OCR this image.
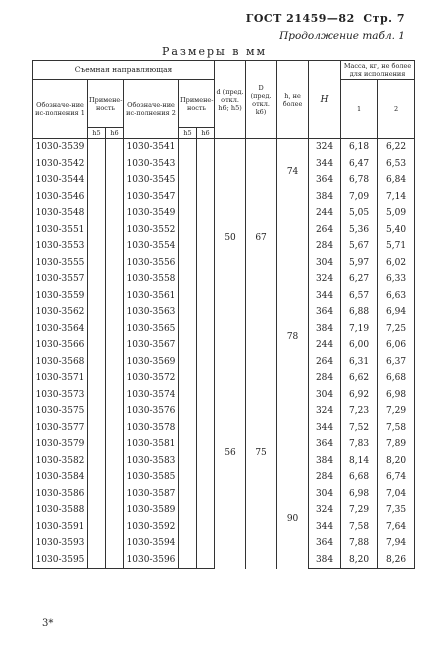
ГОСТ 21459—82 Стр. 7
Продолжение табл. 1
Размеры в мм
Съемная направляющая						d (пред. откл. h6; h5)	D (пред. откл. k6)	h, не более	H	Масса, кг, не более для исполнения	
Обозначе-ние ис-полнения 1	Примене-ность		Обозначе-ние ис-полнения 2	Примене-ность						1	2
	h5	h6		h5	h6						
1030-3539			1030-3541			50	67	74	324	6,18	6,22
1030-3542			1030-3543						344	6,47	6,53
1030-3544			1030-3545						364	6,78	6,84
1030-3546			1030-3547						384	7,09	7,14
1030-3548			1030-3549					78	244	5,05	5,09
1030-3551			1030-3552						264	5,36	5,40
1030-3553			1030-3554						284	5,67	5,71
1030-3555			1030-3556						304	5,97	6,02
1030-3557			1030-3558						324	6,27	6,33
1030-3559			1030-3561						344	6,57	6,63
1030-3562			1030-3563						364	6,88	6,94
1030-3564			1030-3565						384	7,19	7,25
1030-3566			1030-3567			56	75		244	6,00	6,06
1030-3568			1030-3569						264	6,31	6,37
1030-3571			1030-3572						284	6,62	6,68
1030-3573			1030-3574						304	6,92	6,98
1030-3575			1030-3576						324	7,23	7,29
1030-3577			1030-3578						344	7,52	7,58
1030-3579			1030-3581						364	7,83	7,89
1030-3582			1030-3583						384	8,14	8,20
1030-3584			1030-3585					90	284	6,68	6,74
1030-3586			1030-3587						304	6,98	7,04
1030-3588			1030-3589						324	7,29	7,35
1030-3591			1030-3592						344	7,58	7,64
1030-3593			1030-3594						364	7,88	7,94
1030-3595			1030-3596						384	8,20	8,26
3*
